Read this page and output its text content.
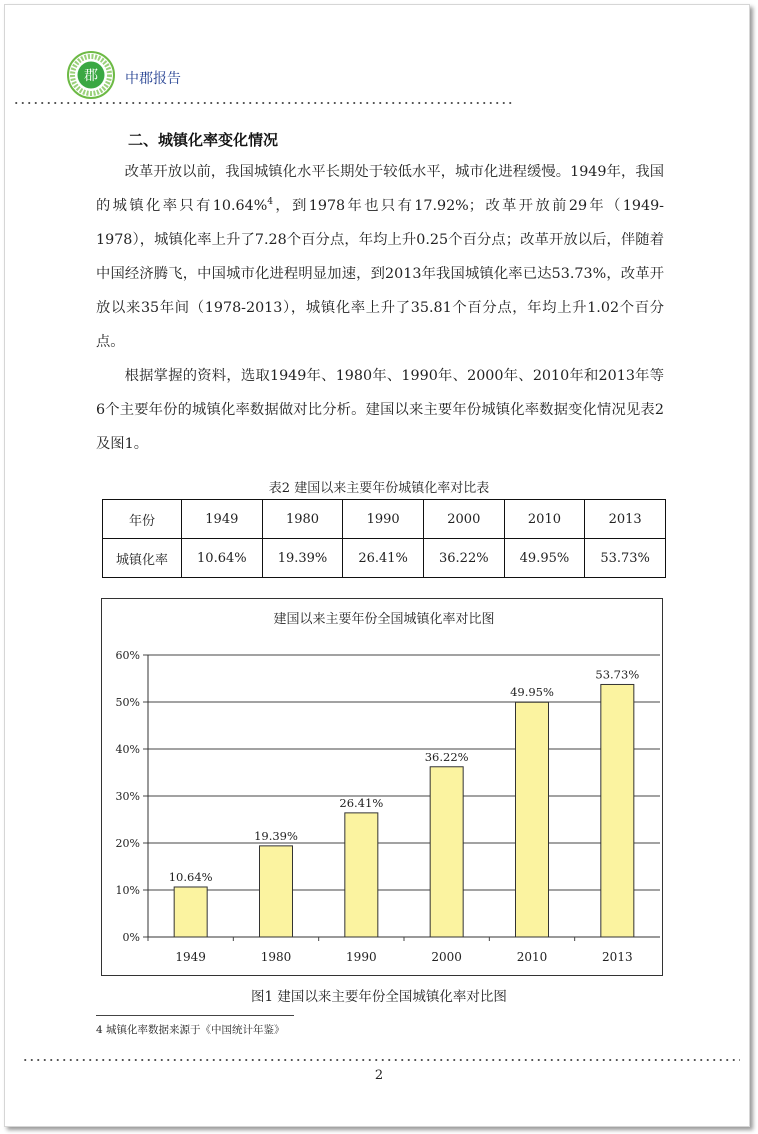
郡 中郡报告
二、城镇化率变化情况

改革开放以前，我国城镇化水平长期处于较低水平，城市化进程缓慢。1949年，我国的城镇化率只有10.64%$^4$，到1978年也只有17.92%；改革开放前29年（1949-1978），城镇化率上升了7.28个百分点，年均上升0.25个百分点；改革开放以后，伴随着中国经济腾飞，中国城市化进程明显加速，到2013年我国城镇化率已达53.73%，改革开放以来35年间（1978-2013），城镇化率上升了35.81个百分点，年均上升1.02个百分点。

根据掌握的资料，选取1949年、1980年、1990年、2000年、2010年和2013年等6个主要年份的城镇化率数据做对比分析。建国以来主要年份城镇化率数据变化情况见表2及图1。

表2 建国以来主要年份城镇化率对比表
年份	1949	1980	1990	2000	2010	2013
城镇化率	10.64%	19.39%	26.41%	36.22%	49.95%	53.73%
建国以来主要年份全国城镇化率对比图
0%
10%
20%
30%
40%
50%
60%
10.64%
1949
19.39%
1980
26.41%
1990
36.22%
2000
49.95%
2010
53.73%
2013
图1 建国以来主要年份全国城镇化率对比图
4 城镇化率数据来源于《中国统计年鉴》
2
